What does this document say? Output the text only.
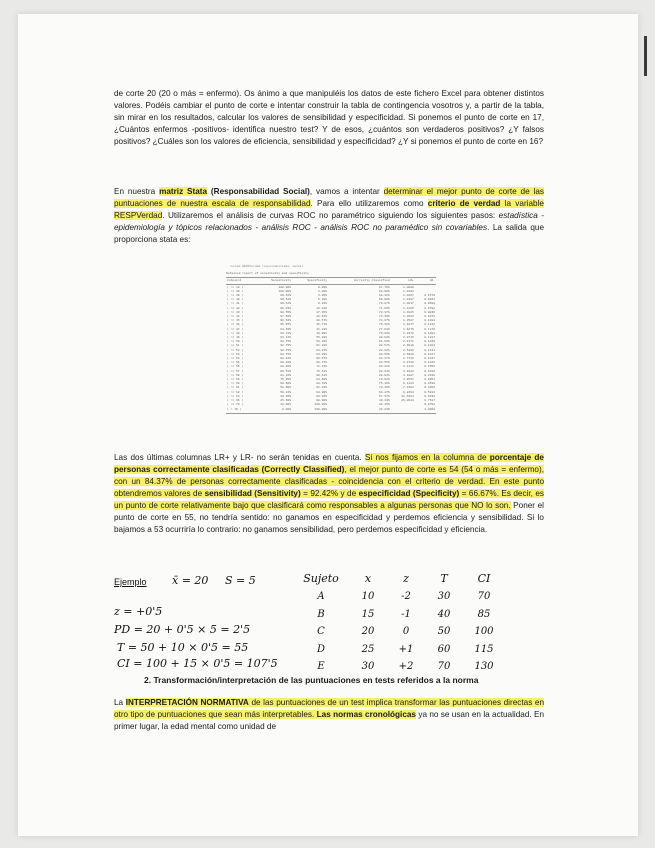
de corte 20 (20 o más = enfermo). Os ánimo a que manipuléis los datos de este fichero Excel para obtener distintos valores. Podéis cambiar el punto de corte e intentar construir la tabla de contingencia vosotros y, a partir de la tabla, sin mirar en los resultados, calcular los valores de sensibilidad y especificidad. Si ponemos el punto de corte en 17, ¿Cuántos enfermos -positivos- identifica nuestro test? Y de esos, ¿cuántos son verdaderos positivos? ¿Y falsos positivos? ¿Cuáles son los valores de eficiencia, sensibilidad y especificidad? ¿Y si ponemos el punto de corte en 16?
En nuestra matriz Stata (Responsabilidad Social), vamos a intentar determinar el mejor punto de corte de las puntuaciones de nuestra escala de responsabilidad. Para ello utilizaremos como criterio de verdad la variable RESPVerdad. Utilizaremos el análisis de curvas ROC no paramétrico siguiendo los siguientes pasos: estadística - epidemiología y tópicos relacionados - análisis ROC - análisis ROC no paramédico sin covariables. La salida que proporciona stata es:
. roctab RESPVerdad responsabilidad, detail
Detailed report of sensitivity and specificity
Cutpoint	Sensitivity	Specificity	Correctly Classified	LR+	LR-
( >= 18 )	100.00%	0.00%	67.76%	1.0000	
( >= 38 )	100.00%	1.02%	68.09%	1.0103	
( >= 39 )	99.52%	3.06%	68.42%	1.0267	0.1579
( >= 40 )	99.52%	5.10%	69.08%	1.0487	0.0941
( >= 41 )	99.52%	8.16%	70.07%	1.0837	0.0588
( >= 42 )	99.03%	12.24%	71.05%	1.1285	0.0792
( >= 43 )	98.55%	17.35%	72.37%	1.1925	0.0836
( >= 44 )	97.58%	22.45%	73.36%	1.2583	0.1078
( >= 45 )	96.62%	28.57%	74.67%	1.3527	0.1184
( >= 46 )	95.65%	35.71%	76.32%	1.4877	0.1218
( >= 47 )	94.69%	41.84%	77.63%	1.6279	0.1270
( >= 48 )	93.72%	48.98%	79.28%	1.8372	0.1282
( >= 49 )	93.24%	55.10%	80.92%	2.0770	0.1227
( >= 50 )	92.75%	58.16%	81.58%	2.2171	0.1246
( >= 51 )	92.75%	61.22%	82.57%	2.3919	0.1183
( >= 52 )	92.75%	63.27%	83.22%	2.5250	0.1141
( >= 53 )	92.75%	64.29%	83.55%	2.5969	0.1127
( >= 54 )	92.42%	66.67%	84.37%	2.7726	0.1137
( >= 55 )	90.82%	68.37%	83.55%	2.8728	0.1342
( >= 56 )	88.89%	71.43%	83.22%	3.1111	0.1556
( >= 57 )	85.51%	75.51%	82.24%	3.4922	0.1919
( >= 58 )	81.16%	80.61%	80.92%	4.1887	0.2336
( >= 59 )	75.85%	84.69%	78.62%	4.9551	0.2851
( >= 60 )	68.60%	88.78%	75.16%	6.1123	0.3538
( >= 61 )	59.90%	91.84%	70.39%	7.3382	0.4366
( >= 62 )	50.24%	94.90%	64.47%	9.8494	0.5244
( >= 64 )	38.65%	96.94%	57.57%	12.6264	0.6330
( >= 66 )	25.60%	98.98%	49.34%	25.0918	0.7517
( >= 70 )	12.08%	100.00%	40.46%		0.8792
( > 70 )	0.00%	100.00%	32.24%		1.0000
Las dos últimas columnas LR+ y LR- no serán tenidas en cuenta. Si nos fijamos en la columna de porcentaje de personas correctamente clasificadas (Correctly Classified), el mejor punto de corte es 54 (54 o más = enfermo), con un 84.37% de personas correctamente clasificadas - coincidencia con el criterio de verdad. En este punto obtendremos valores de sensibilidad (Sensitivity) = 92.42% y de especificidad (Specificity) = 66.67%. Es decir, es un punto de corte relativamente bajo que clasificará como responsables a algunas personas que NO lo son. Poner el punto de corte en 55, no tendría sentido: no ganamos en especificidad y perdemos eficiencia y sensibilidad. Si lo bajamos a 53 ocurriría lo contrario: no ganamos sensibilidad, pero perdemos especificidad y eficiencia.
Ejemplo x̄ = 20 S = 5
z = +0'5
PD = 20 + 0'5 × 5 = 2'5
T = 50 + 10 × 0'5 = 55
CI = 100 + 15 × 0'5 = 107'5
Sujeto	x	z	T	CI
A	10	-2	30	70
B	15	-1	40	85
C	20	0	50	100
D	25	+1	60	115
E	30	+2	70	130
2. Transformación/interpretación de las puntuaciones en tests referidos a la norma
La INTERPRETACIÓN NORMATIVA de las puntuaciones de un test implica transformar las puntuaciones directas en otro tipo de puntuaciones que sean más interpretables. Las normas cronológicas ya no se usan en la actualidad. En primer lugar, la edad mental como unidad de
